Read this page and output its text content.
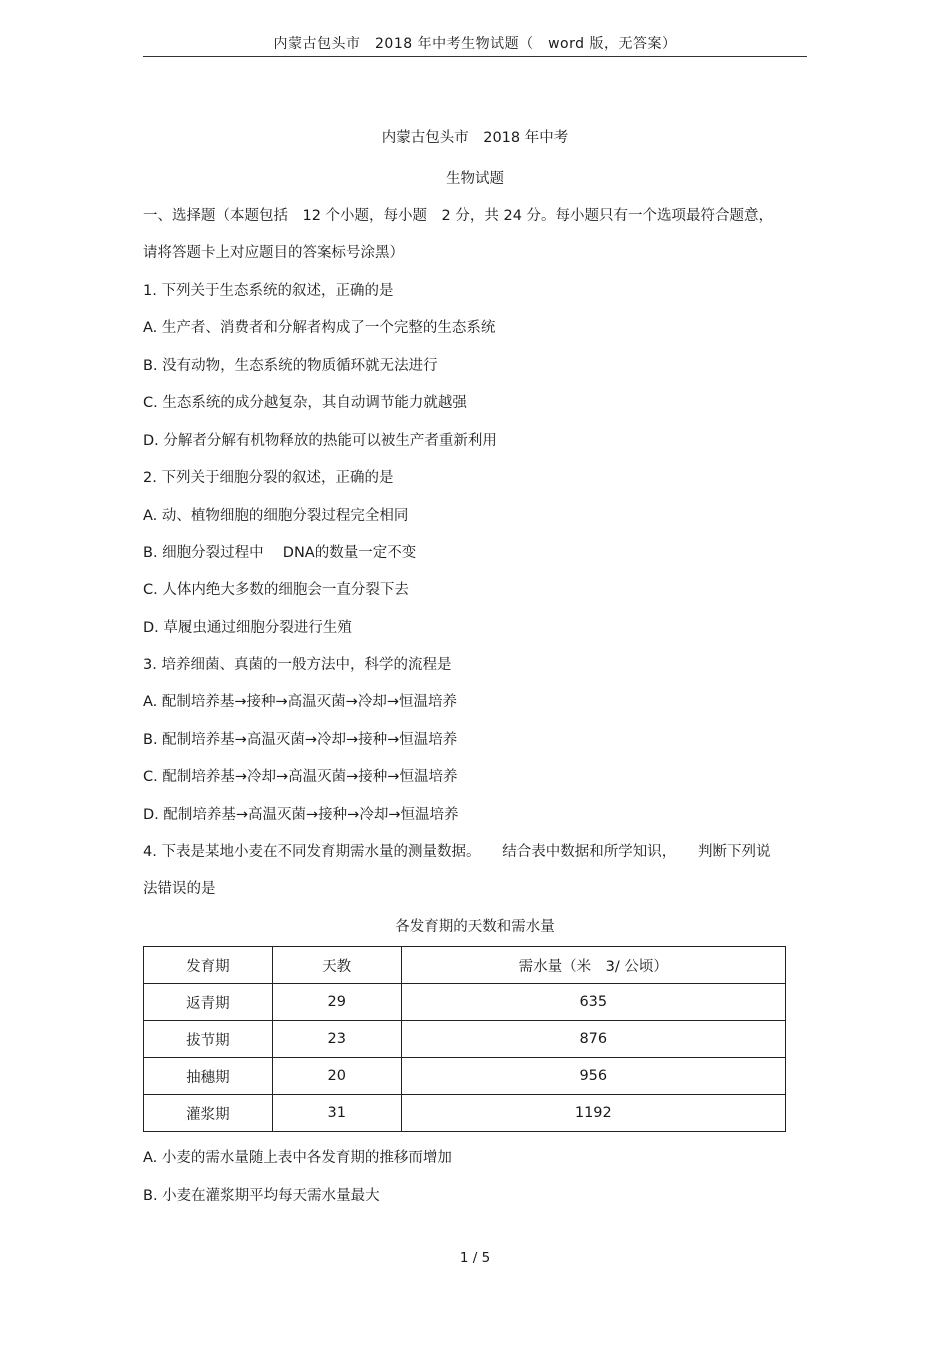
内蒙古包头市　2018 年中考生物试题（　word 版，无答案）
内蒙古包头市　2018 年中考
生物试题
一、选择题（本题包括　12 个小题，每小题　2 分，共 24 分。每小题只有一个选项最符合题意，
请将答题卡上对应题目的答案标号涂黑）
1. 下列关于生态系统的叙述，正确的是
A. 生产者、消费者和分解者构成了一个完整的生态系统
B. 没有动物，生态系统的物质循环就无法进行
C. 生态系统的成分越复杂，其自动调节能力就越强
D. 分解者分解有机物释放的热能可以被生产者重新利用
2. 下列关于细胞分裂的叙述，正确的是
A. 动、植物细胞的细胞分裂过程完全相同
B. 细胞分裂过程中　 DNA的数量一定不变
C. 人体内绝大多数的细胞会一直分裂下去
D. 草履虫通过细胞分裂进行生殖
3. 培养细菌、真菌的一般方法中，科学的流程是
A. 配制培养基→接种→高温灭菌→冷却→恒温培养
B. 配制培养基→高温灭菌→冷却→接种→恒温培养
C. 配制培养基→冷却→高温灭菌→接种→恒温培养
D. 配制培养基→高温灭菌→接种→冷却→恒温培养
4. 下表是某地小麦在不同发育期需水量的测量数据。　　结合表中数据和所学知识，　　判断下列说
法错误的是
各发育期的天数和需水量
发育期	天教	需水量（米　3/ 公顷）
返青期	29	635
拔节期	23	876
抽穗期	20	956
灌浆期	31	1192
A. 小麦的需水量随上表中各发育期的推移而增加
B. 小麦在灌浆期平均每天需水量最大
1 / 5
